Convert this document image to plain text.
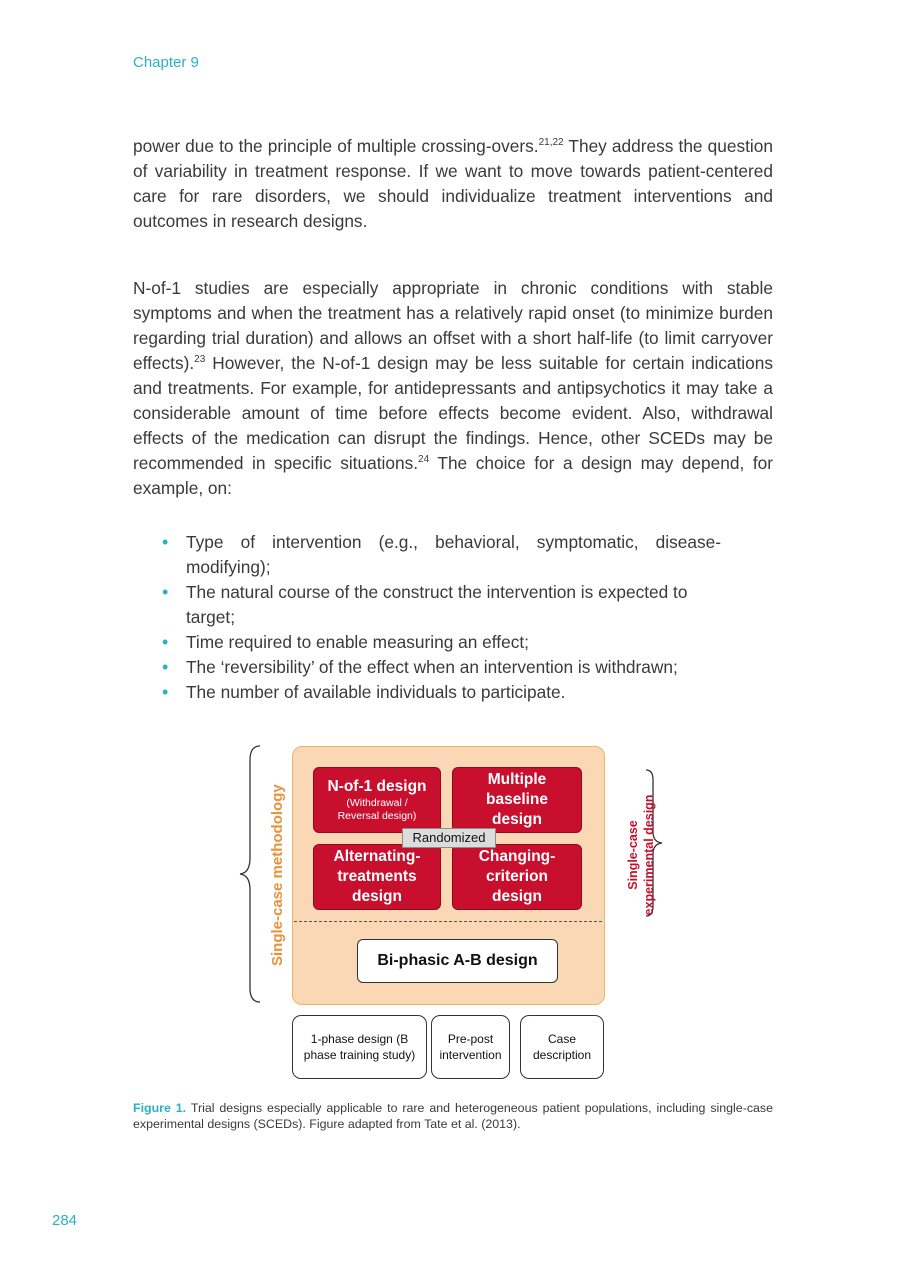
Chapter 9

power due to the principle of multiple crossing-overs.$^{21,22}$ They address the question of variability in treatment response. If we want to move towards patient-centered care for rare disorders, we should individualize treatment interventions and outcomes in research designs.

N-of-1 studies are especially appropriate in chronic conditions with stable symptoms and when the treatment has a relatively rapid onset (to minimize burden regarding trial duration) and allows an offset with a short half-life (to limit carryover effects).$^{23}$ However, the N-of-1 design may be less suitable for certain indications and treatments. For example, for antidepressants and antipsychotics it may take a considerable amount of time before effects become evident. Also, withdrawal effects of the medication can disrupt the findings. Hence, other SCEDs may be recommended in specific situations.$^{24}$ The choice for a design may depend, for example, on:

• Type of intervention (e.g., behavioral, symptomatic, disease-modifying);
• The natural course of the construct the intervention is expected to target;
• Time required to enable measuring an effect;
• The ‘reversibility’ of the effect when an intervention is withdrawn;
• The number of available individuals to participate.
Single-case methodology	N-of-1 design
(Withdrawal /
Reversal design)
Multiple
baseline
design
Alternating-
treatments
design
Changing-
criterion
design
Randomized
Bi-phasic A-B design
Single-case experimental design
1-phase design (B
phase training study)
Pre-post
intervention
Case
description

Figure 1. Trial designs especially applicable to rare and heterogeneous patient populations, including single-case experimental designs (SCEDs). Figure adapted from Tate et al. (2013).

284
